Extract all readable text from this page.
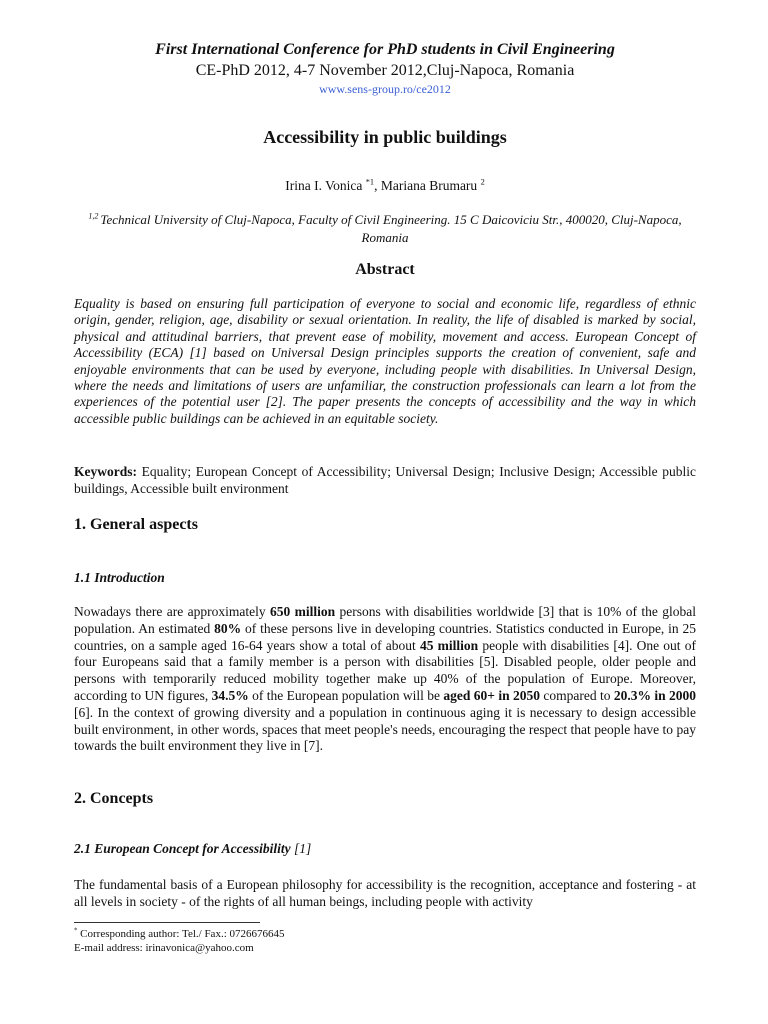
First International Conference for PhD students in Civil Engineering
CE-PhD 2012, 4-7 November 2012,Cluj-Napoca, Romania
www.sens-group.ro/ce2012
Accessibility in public buildings
Irina I. Vonica $^{*1}$, Mariana Brumaru $^2$
$^{1,2}$ Technical University of Cluj-Napoca, Faculty of Civil Engineering. 15 C Daicoviciu Str., 400020, Cluj-Napoca, Romania
Abstract

Equality is based on ensuring full participation of everyone to social and economic life, regardless of ethnic origin, gender, religion, age, disability or sexual orientation. In reality, the life of disabled is marked by social, physical and attitudinal barriers, that prevent ease of mobility, movement and access. European Concept of Accessibility (ECA) [1] based on Universal Design principles supports the creation of convenient, safe and enjoyable environments that can be used by everyone, including people with disabilities. In Universal Design, where the needs and limitations of users are unfamiliar, the construction professionals can learn a lot from the experiences of the potential user [2]. The paper presents the concepts of accessibility and the way in which accessible public buildings can be achieved in an equitable society.

Keywords: Equality; European Concept of Accessibility; Universal Design; Inclusive Design; Accessible public buildings, Accessible built environment

1. General aspects
1.1 Introduction

Nowadays there are approximately 650 million persons with disabilities worldwide [3] that is 10% of the global population. An estimated 80% of these persons live in developing countries. Statistics conducted in Europe, in 25 countries, on a sample aged 16-64 years show a total of about 45 million people with disabilities [4]. One out of four Europeans said that a family member is a person with disabilities [5]. Disabled people, older people and persons with temporarily reduced mobility together make up 40% of the population of Europe. Moreover, according to UN figures, 34.5% of the European population will be aged 60+ in 2050 compared to 20.3% in 2000 [6]. In the context of growing diversity and a population in continuous aging it is necessary to design accessible built environment, in other words, spaces that meet people's needs, encouraging the respect that people have to pay towards the built environment they live in [7].

2. Concepts
2.1 European Concept for Accessibility [1]

The fundamental basis of a European philosophy for accessibility is the recognition, acceptance and fostering - at all levels in society - of the rights of all human beings, including people with activity

* Corresponding author: Tel./ Fax.: 0726676645
E-mail address: irinavonica@yahoo.com
